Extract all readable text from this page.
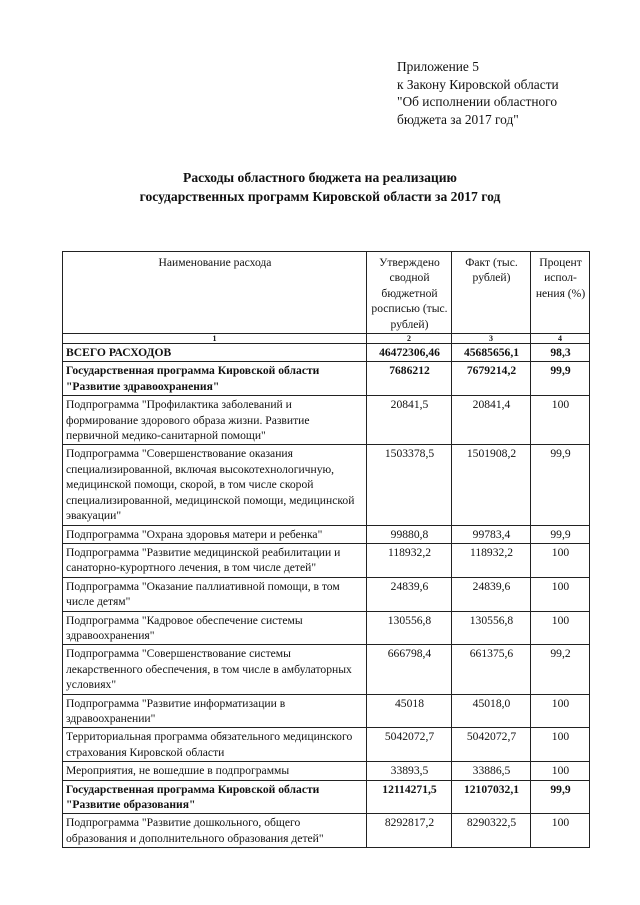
Приложение 5
к Закону Кировской области
"Об исполнении областного
бюджета за 2017 год"
Расходы областного бюджета на реализацию
государственных программ Кировской области за 2017 год
Наименование расхода	Утверждено сводной бюджетной росписью (тыс. рублей)	Факт (тыс. рублей)	Процент испол-нения (%)
1	2	3	4
ВСЕГО РАСХОДОВ	46472306,46	45685656,1	98,3
Государственная программа Кировской области "Развитие здравоохранения"	7686212	7679214,2	99,9
Подпрограмма "Профилактика заболеваний и формирование здорового образа жизни. Развитие первичной медико-санитарной помощи"	20841,5	20841,4	100
Подпрограмма "Совершенствование оказания специализированной, включая высокотехнологичную, медицинской помощи, скорой, в том числе скорой специализированной, медицинской помощи, медицинской эвакуации"	1503378,5	1501908,2	99,9
Подпрограмма "Охрана здоровья матери и ребенка"	99880,8	99783,4	99,9
Подпрограмма "Развитие медицинской реабилитации и санаторно-курортного лечения, в том числе детей"	118932,2	118932,2	100
Подпрограмма "Оказание паллиативной помощи, в том числе детям"	24839,6	24839,6	100
Подпрограмма "Кадровое обеспечение системы здравоохранения"	130556,8	130556,8	100
Подпрограмма "Совершенствование системы лекарственного обеспечения, в том числе в амбулаторных условиях"	666798,4	661375,6	99,2
Подпрограмма "Развитие информатизации в здравоохранении"	45018	45018,0	100
Территориальная программа обязательного медицинского страхования Кировской области	5042072,7	5042072,7	100
Мероприятия, не вошедшие в подпрограммы	33893,5	33886,5	100
Государственная программа Кировской области "Развитие образования"	12114271,5	12107032,1	99,9
Подпрограмма "Развитие дошкольного, общего образования и дополнительного образования детей"	8292817,2	8290322,5	100
